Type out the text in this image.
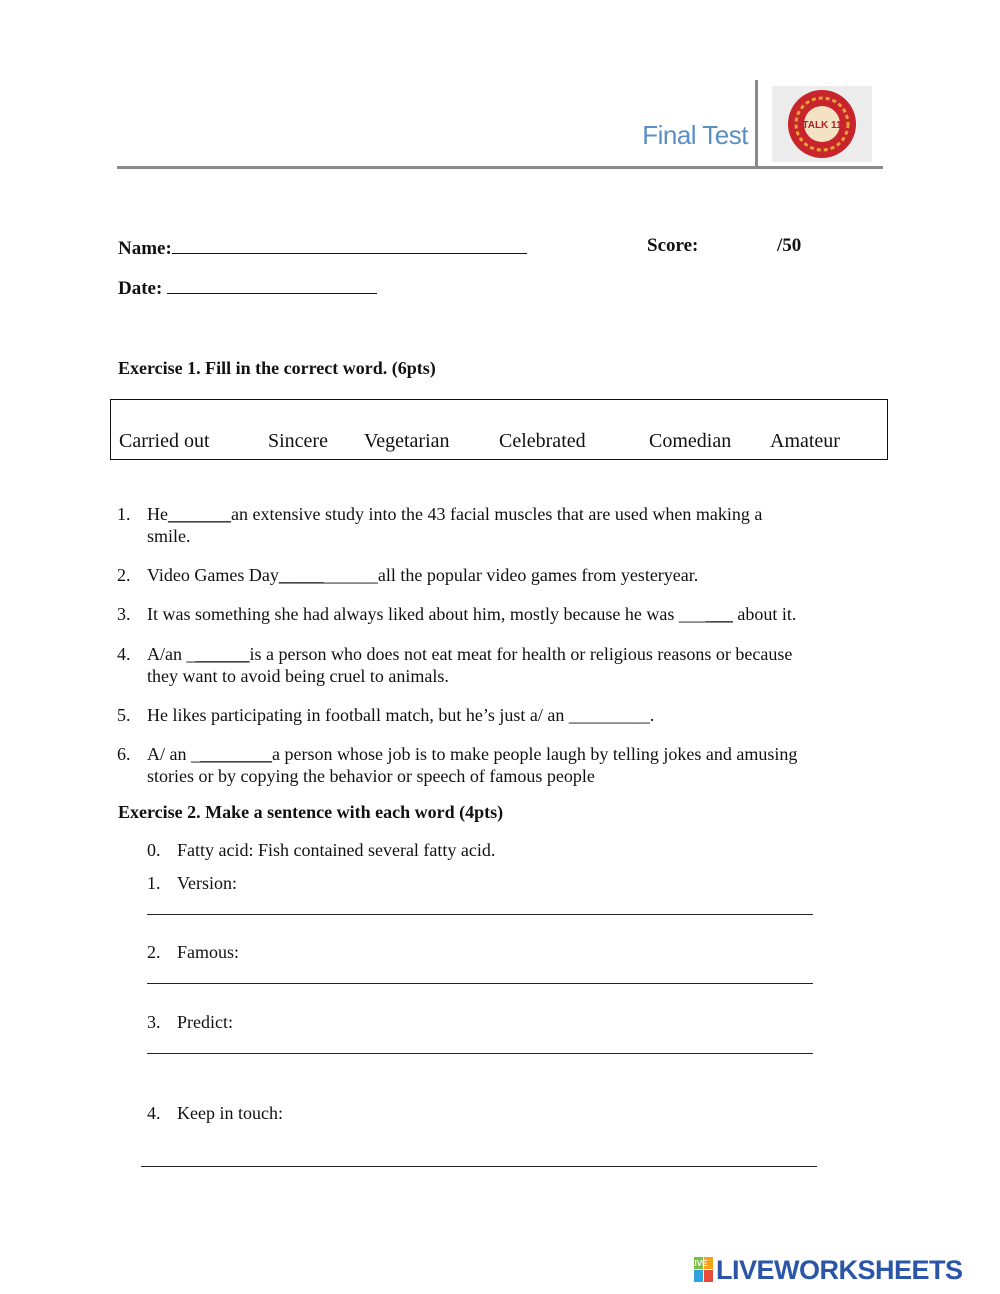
Final Test	TALK 11
Name:	Score:	/50
Date:
Exercise 1. Fill in the correct word. (6pts)
Carried out	Sincere Vegetarian Celebrated	Comedian Amateur
1. He_______an extensive study into the 43 facial muscles that are used when making a
smile.
2. Video Games Day___________all the popular video games from yesteryear.
3. It was something she had always liked about him, mostly because he was ______ about it.
4. A/an _______is a person who does not eat meat for health or religious reasons or because
they want to avoid being cruel to animals.
5. He likes participating in football match, but he’s just a/ an _________.
6. A/ an _________a person whose job is to make people laugh by telling jokes and amusing
stories or by copying the behavior or speech of famous people
Exercise 2. Make a sentence with each word (4pts)
0. Fatty acid: Fish contained several fatty acid.
1. Version:
2. Famous:
3. Predict:
4. Keep in touch:
LIVE LIVEWORKSHEETS
